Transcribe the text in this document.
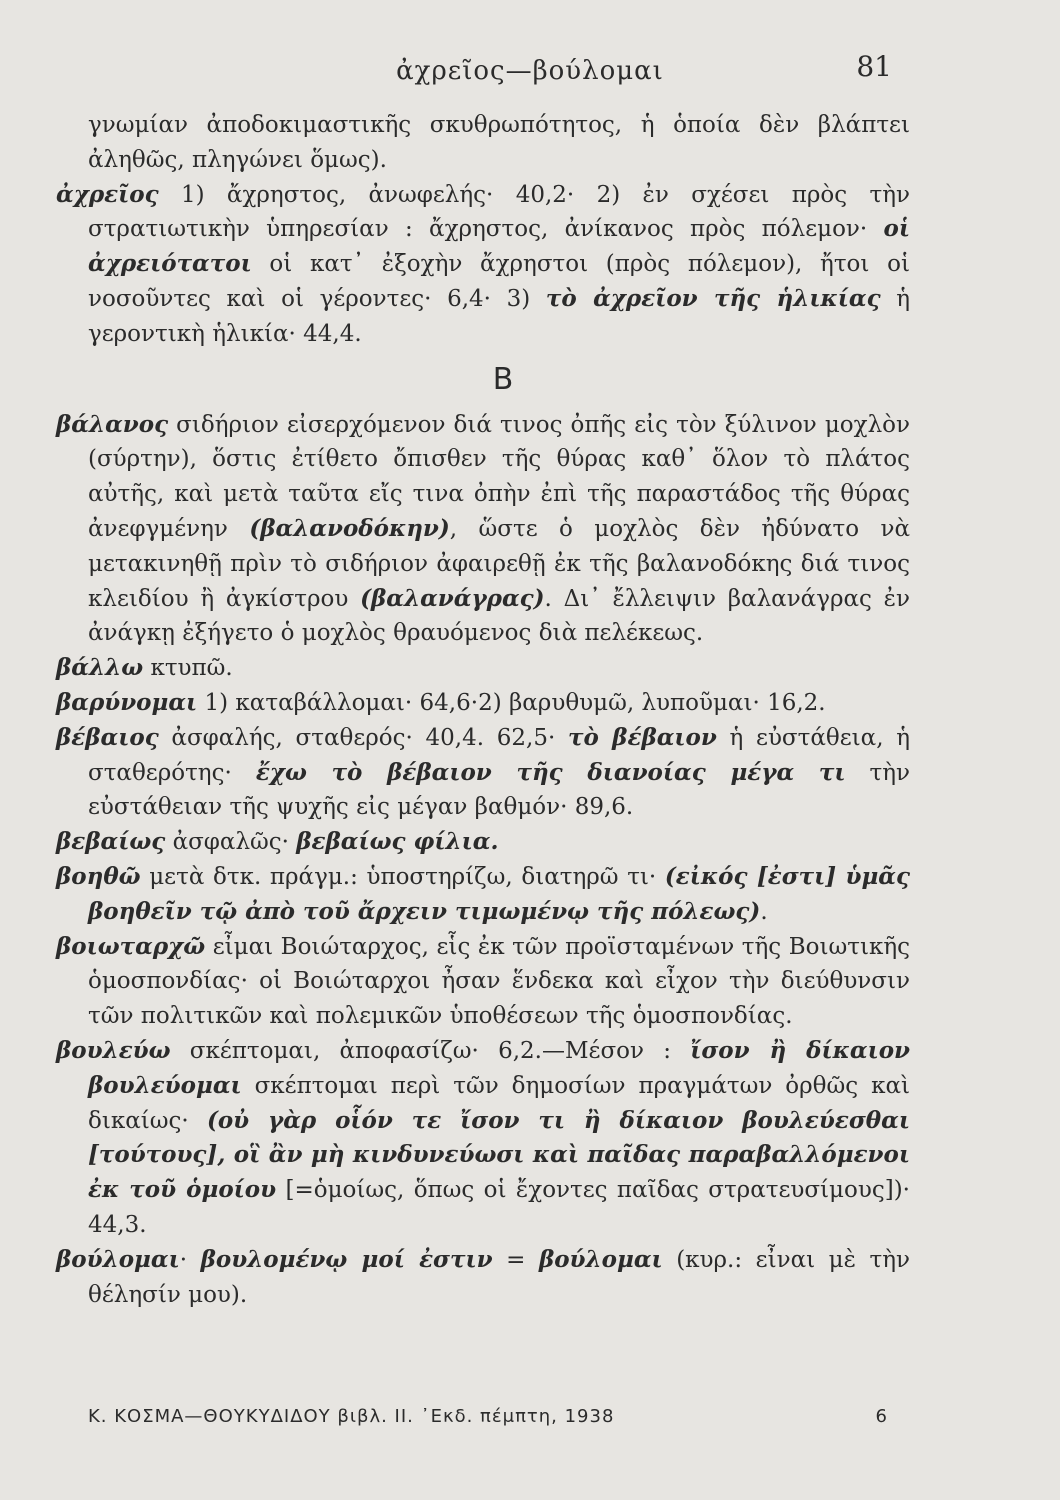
ἀχρεῖος—βούλομαι	81

γνωμίαν ἀποδοκιμαστικῆς σκυθρωπότητος, ἡ ὁποία δὲν βλάπτει ἀληθῶς, πληγώνει ὅμως).

ἀχρεῖος 1) ἄχρηστος, ἀνωφελής· 40,2· 2) ἐν σχέσει πρὸς τὴν στρατιωτικὴν ὑπηρεσίαν : ἄχρηστος, ἀνίκανος πρὸς πόλεμον· οἱ ἀχρειότατοι οἱ κατ᾽ ἐξοχὴν ἄχρηστοι (πρὸς πόλεμον), ἤτοι οἱ νοσοῦντες καὶ οἱ γέροντες· 6,4· 3) τὸ ἀχρεῖον τῆς ἡλικίας ἡ γεροντικὴ ἡλικία· 44,4.

Β

βάλανος σιδήριον εἰσερχόμενον διά τινος ὀπῆς εἰς τὸν ξύλινον μοχλὸν (σύρτην), ὅστις ἐτίθετο ὄπισθεν τῆς θύρας καθ᾽ ὅλον τὸ πλάτος αὐτῆς, καὶ μετὰ ταῦτα εἴς τινα ὀπὴν ἐπὶ τῆς παραστάδος τῆς θύρας ἀνεφγμένην (βαλανοδόκην), ὥστε ὁ μοχλὸς δὲν ἠδύνατο νὰ μετακινηθῇ πρὶν τὸ σιδήριον ἀφαιρεθῇ ἐκ τῆς βαλανοδόκης διά τινος κλειδίου ἢ ἀγκίστρου (βαλανάγρας). Δι᾽ ἔλλειψιν βαλανάγρας ἐν ἀνάγκῃ ἐξήγετο ὁ μοχλὸς θραυόμενος διὰ πελέκεως.

βάλλω κτυπῶ.

βαρύνομαι 1) καταβάλλομαι· 64,6·2) βαρυθυμῶ, λυποῦμαι· 16,2.

βέβαιος ἀσφαλής, σταθερός· 40,4. 62,5· τὸ βέβαιον ἡ εὐστάθεια, ἡ σταθερότης· ἔχω τὸ βέβαιον τῆς διανοίας μέγα τι τὴν εὐστάθειαν τῆς ψυχῆς εἰς μέγαν βαθμόν· 89,6.

βεβαίως ἀσφαλῶς· βεβαίως φίλια.

βοηθῶ μετὰ δτκ. πράγμ.: ὑποστηρίζω, διατηρῶ τι· (εἰκός [ἐστι] ὑμᾶς βοηθεῖν τῷ ἀπὸ τοῦ ἄρχειν τιμωμένῳ τῆς πόλεως).

βοιωταρχῶ εἶμαι Βοιώταρχος, εἷς ἐκ τῶν προϊσταμένων τῆς Βοιωτικῆς ὁμοσπονδίας· οἱ Βοιώταρχοι ἦσαν ἕνδεκα καὶ εἶχον τὴν διεύθυνσιν τῶν πολιτικῶν καὶ πολεμικῶν ὑποθέσεων τῆς ὁμοσπονδίας.

βουλεύω σκέπτομαι, ἀποφασίζω· 6,2.—Μέσον : ἴσον ἢ δίκαιον βουλεύομαι σκέπτομαι περὶ τῶν δημοσίων πραγμάτων ὀρθῶς καὶ δικαίως· (οὐ γὰρ οἷόν τε ἴσον τι ἢ δίκαιον βουλεύεσθαι [τούτους], οἳ ἂν μὴ κινδυνεύωσι καὶ παῖδας παραβαλλόμενοι ἐκ τοῦ ὁμοίου [=ὁμοίως, ὅπως οἱ ἔχοντες παῖδας στρατευσίμους])· 44,3.

βούλομαι· βουλομένῳ μοί ἐστιν = βούλομαι (κυρ.: εἶναι μὲ τὴν θέλησίν μου).

Κ. ΚΟΣΜΑ—ΘΟΥΚΥΔΙΔΟΥ βιβλ. ΙΙ. ᾽Εκδ. πέμπτη, 1938	6
